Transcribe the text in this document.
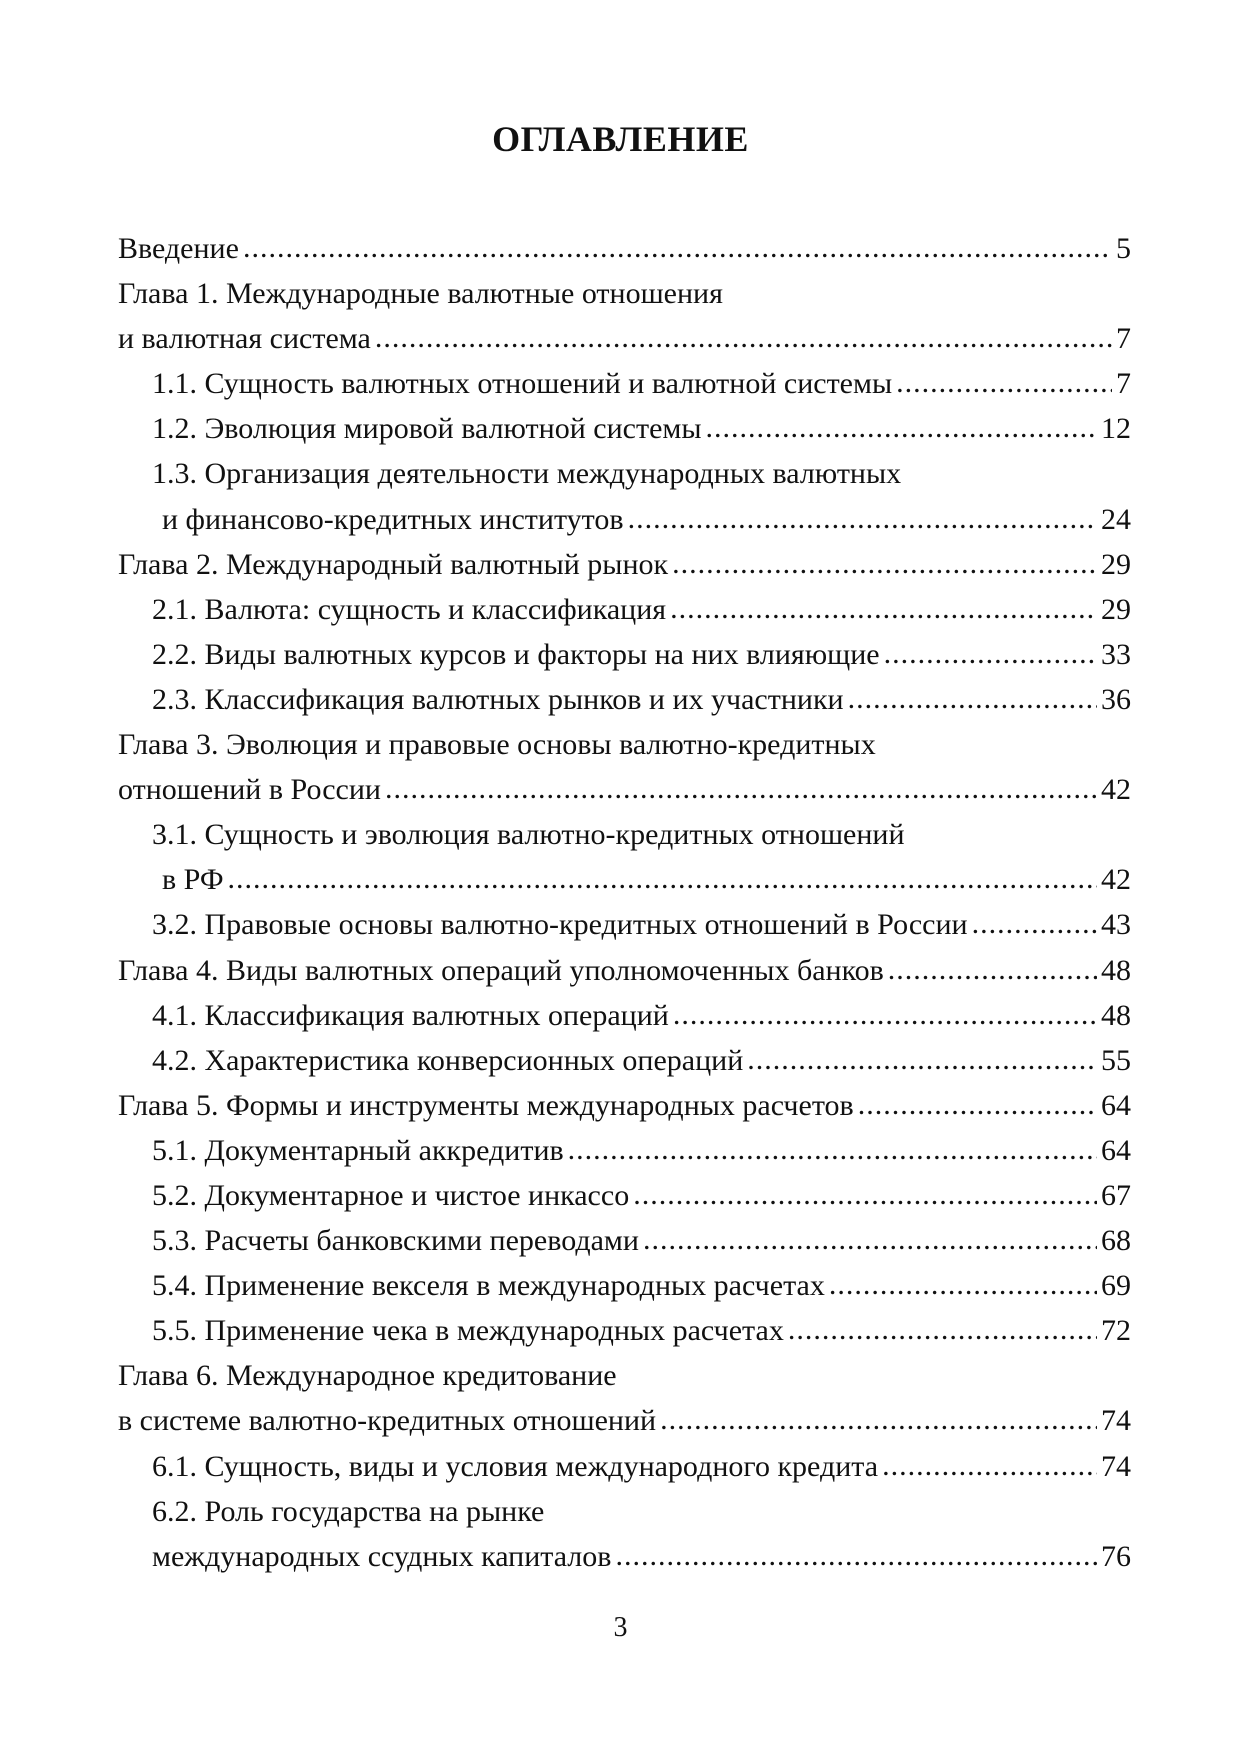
ОГЛАВЛЕНИЕ
Введение .....	5
Глава 1. Международные валютные отношения
и валютная система .....	7
1.1. Сущность валютных отношений и валютной системы .....	7
1.2. Эволюция мировой валютной системы .....	12
1.3. Организация деятельности международных валютных
и финансово-кредитных институтов .....	24
Глава 2. Международный валютный рынок .....	29
2.1. Валюта: сущность и классификация .....	29
2.2. Виды валютных курсов и факторы на них влияющие .....	33
2.3. Классификация валютных рынков и их участники .....	36
Глава 3. Эволюция и правовые основы валютно-кредитных
отношений в России .....	42
3.1. Сущность и эволюция валютно-кредитных отношений
в РФ .....	42
3.2. Правовые основы валютно-кредитных отношений в России .....	43
Глава 4. Виды валютных операций уполномоченных банков .....	48
4.1. Классификация валютных операций .....	48
4.2. Характеристика конверсионных операций .....	55
Глава 5. Формы и инструменты международных расчетов .....	64
5.1. Документарный аккредитив .....	64
5.2. Документарное и чистое инкассо .....	67
5.3. Расчеты банковскими переводами .....	68
5.4. Применение векселя в международных расчетах .....	69
5.5. Применение чека в международных расчетах .....	72
Глава 6. Международное кредитование
в системе валютно-кредитных отношений .....	74
6.1. Сущность, виды и условия международного кредита .....	74
6.2. Роль государства на рынке
международных ссудных капиталов .....	76
3
